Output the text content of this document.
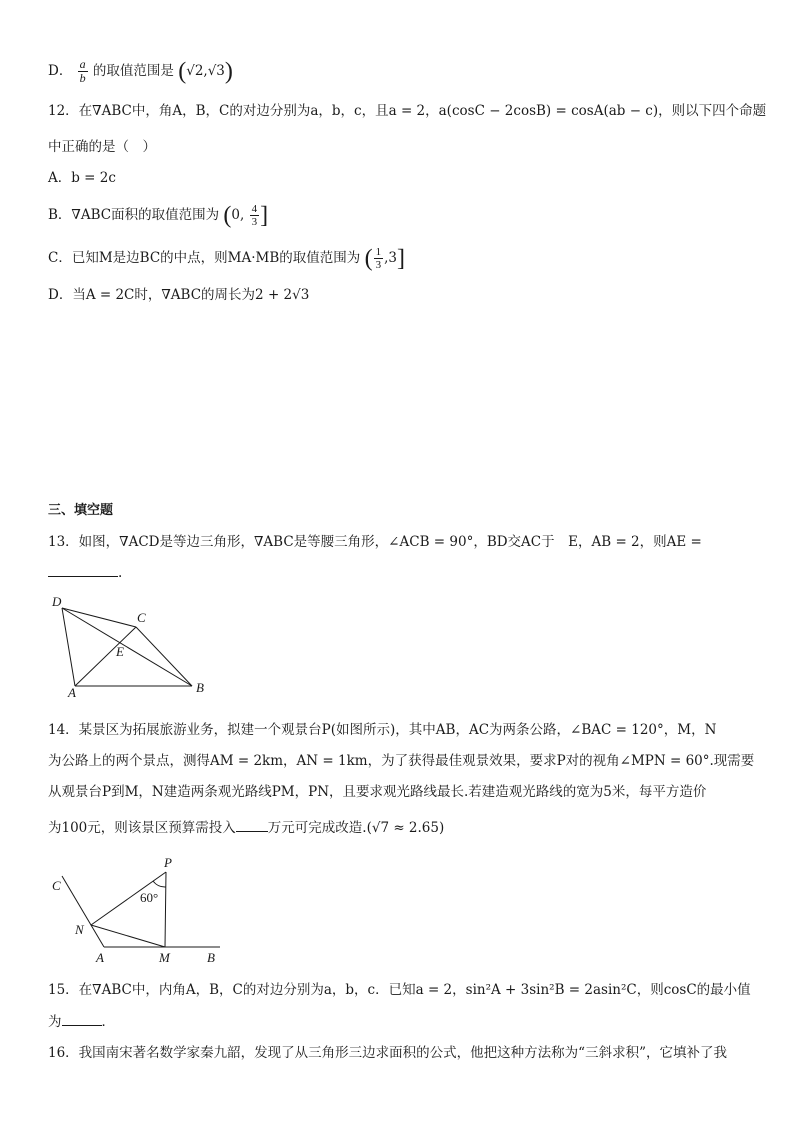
D． $\frac{a}{b}$ 的取值范围是 (√2,√3)
12．在∇ABC中，角A，B，C的对边分别为a，b，c，且a = 2，a(cosC − 2cosB) = cosA(ab − c)，则以下四个命题
中正确的是（　）
A．b = 2c
B．∇ABC面积的取值范围为 (0, $\frac{4}{3}$ ]
C．已知M是边BC的中点，则MA·MB的取值范围为 ( $\frac{1}{3} ,3$]
D．当A = 2C时，∇ABC的周长为2 + 2√3
三、填空题
13．如图，∇ACD是等边三角形，∇ABC是等腰三角形，∠ACB = 90°，BD交AC于　E，AB = 2，则AE =
.
D
C
E
A	B
14．某景区为拓展旅游业务，拟建一个观景台P(如图所示)，其中AB，AC为两条公路，∠BAC = 120°，M，N
为公路上的两个景点，测得AM = 2km，AN = 1km，为了获得最佳观景效果，要求P对的视角∠MPN = 60°.现需要
从观景台P到M，N建造两条观光路线PM，PN，且要求观光路线最长.若建造观光路线的宽为5米，每平方造价
为100元，则该景区预算需投入 万元可完成改造.(√7 ≈ 2.65)
P
C
N
A	M	B
60°
15．在∇ABC中，内角A，B，C的对边分别为a，b，c．已知a = 2，sin²A + 3sin²B = 2asin²C，则cosC的最小值
为	．
16．我国南宋著名数学家秦九韶，发现了从三角形三边求面积的公式，他把这种方法称为“三斜求积”，它填补了我
